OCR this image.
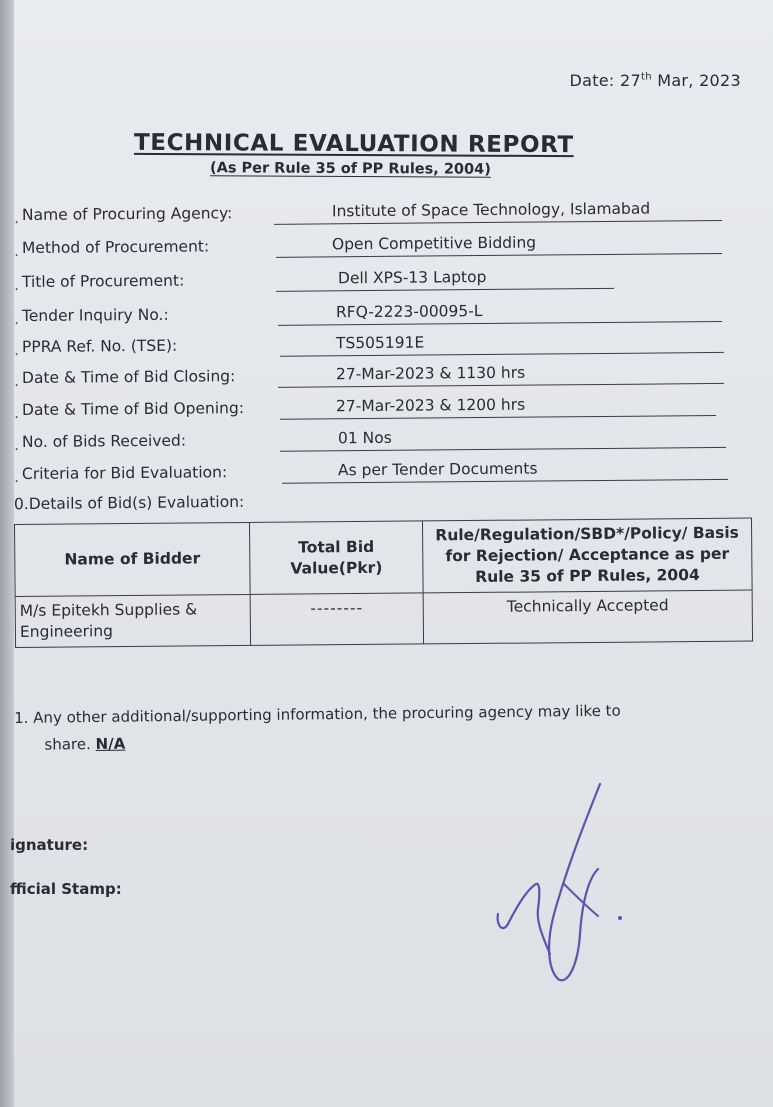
Date: 27th Mar, 2023
TECHNICAL EVALUATION REPORT
(As Per Rule 35 of PP Rules, 2004)
. Name of Procuring Agency:	Institute of Space Technology, Islamabad
. Method of Procurement:	Open Competitive Bidding
. Title of Procurement:	Dell XPS-13 Laptop
. Tender Inquiry No.:	RFQ-2223-00095-L
. PPRA Ref. No. (TSE):	TS505191E
. Date & Time of Bid Closing:	27-Mar-2023 & 1130 hrs
. Date & Time of Bid Opening:	27-Mar-2023 & 1200 hrs
. No. of Bids Received:	01 Nos
. Criteria for Bid Evaluation:	As per Tender Documents
0.Details of Bid(s) Evaluation:
Name of Bidder	Total Bid Value(Pkr)	Rule/Regulation/SBD*/Policy/ Basis for Rejection/ Acceptance as per Rule 35 of PP Rules, 2004
M/s Epitekh Supplies & Engineering	--------	Technically Accepted
1. Any other additional/supporting information, the procuring agency may like to
share. N/A
ignature:
fficial Stamp:
